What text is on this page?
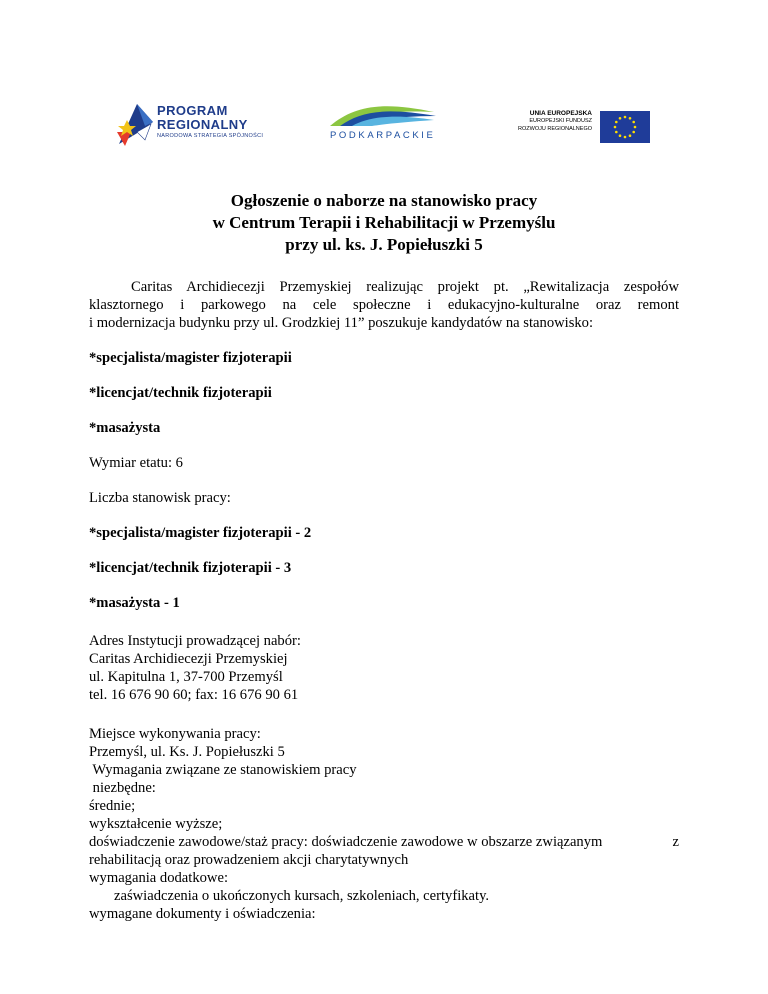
PROGRAM
REGIONALNY
NARODOWA STRATEGIA SPÓJNOŚCI	PODKARPACKIE
UNIA EUROPEJSKA
EUROPEJSKI FUNDUSZ
ROZWOJU REGIONALNEGO
Ogłoszenie o naborze na stanowisko pracy
w Centrum Terapii i Rehabilitacji w Przemyślu
przy ul. ks. J. Popiełuszki 5

Caritas Archidiecezji Przemyskiej realizując projekt pt. „Rewitalizacja zespołów
klasztornego i parkowego na cele społeczne i edukacyjno-kulturalne oraz remont
i modernizacja budynku przy ul. Grodzkiej 11” poszukuje kandydatów na stanowisko:

*specjalista/magister fizjoterapii

*licencjat/technik fizjoterapii

*masażysta

Wymiar etatu: 6

Liczba stanowisk pracy:

*specjalista/magister fizjoterapii - 2

*licencjat/technik fizjoterapii - 3

*masażysta - 1

Adres Instytucji prowadzącej nabór:
Caritas Archidiecezji Przemyskiej
ul. Kapitulna 1, 37-700 Przemyśl
tel. 16 676 90 60; fax: 16 676 90 61

Miejsce wykonywania pracy:
Przemyśl, ul. Ks. J. Popiełuszki 5
Wymagania związane ze stanowiskiem pracy
niezbędne:
średnie;
wykształcenie wyższe;
doświadczenie zawodowe/staż pracy: doświadczenie zawodowe w obszarze związanym	z
rehabilitacją oraz prowadzeniem akcji charytatywnych
wymagania dodatkowe:
zaświadczenia o ukończonych kursach, szkoleniach, certyfikaty.
wymagane dokumenty i oświadczenia:
